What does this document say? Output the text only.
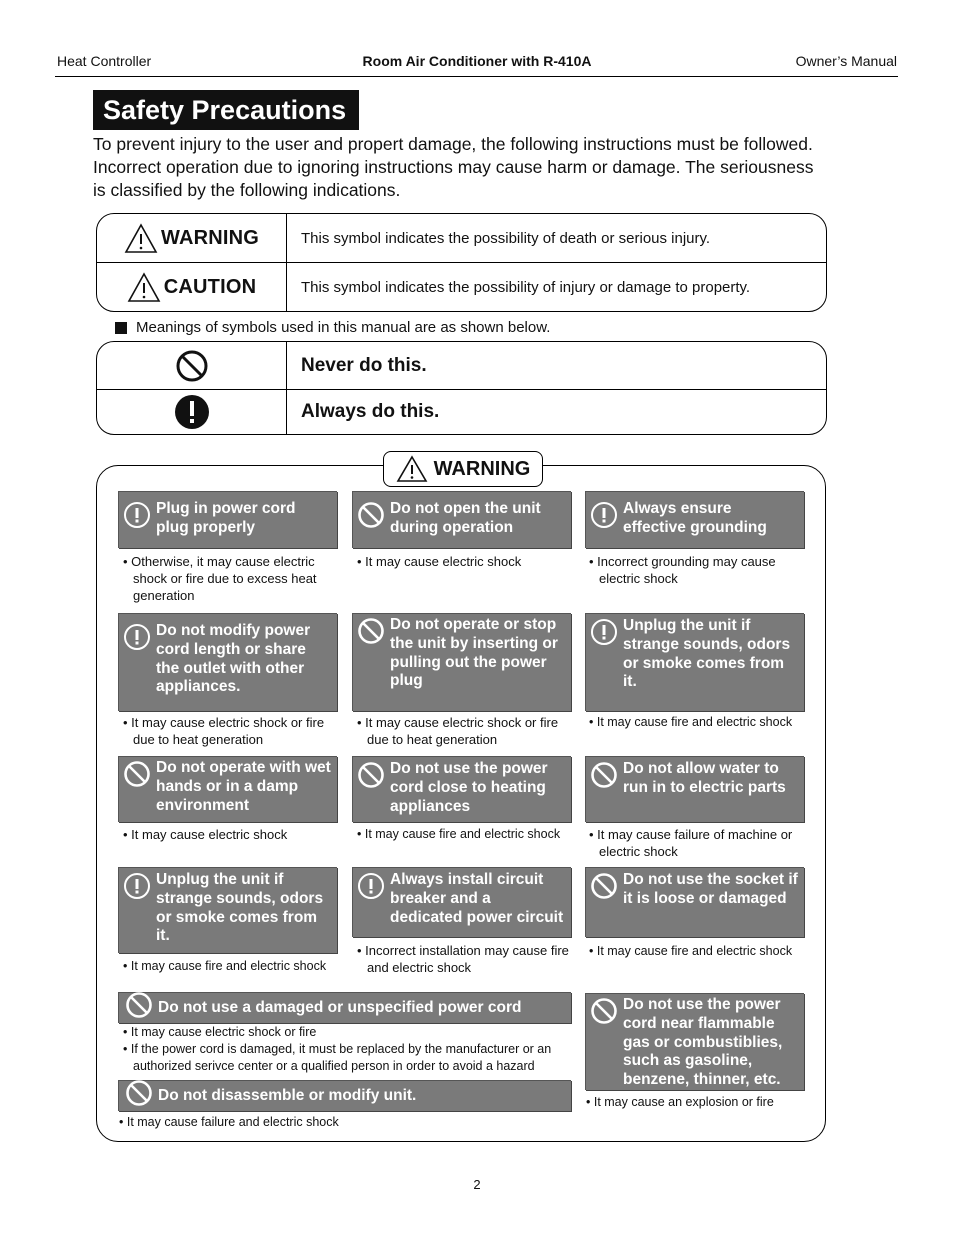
Heat Controller	Room Air Conditioner with R-410A	Owner’s Manual
Safety Precautions
To prevent injury to the user and propert damage, the following instructions must be followed. Incorrect operation due to ignoring instructions may cause harm or damage. The seriousness is classified by the following indications.
WARNING	This symbol indicates the possibility of death or serious injury.
CAUTION	This symbol indicates the possibility of injury or damage to property.
Meanings of symbols used in this manual are as shown below.
Never do this.
Always do this.
WARNING
Plug in power cord plug properly
• Otherwise, it may cause electric shock or fire due to excess heat generation
Do not open the unit during operation
• It may cause electric shock
Always ensure effective grounding
• Incorrect grounding may cause electric shock
Do not modify power cord length or share the outlet with other appliances.
• It may cause electric shock or fire due to heat generation
Do not operate or stop the unit by inserting or pulling out the power plug
• It may cause electric shock or fire due to heat generation
Unplug the unit if strange sounds, odors or smoke comes from it.
• It may cause fire and electric shock
Do not operate with wet hands or in a damp environment
• It may cause electric shock
Do not use the power cord close to heating appliances
• It may cause fire and electric shock
Do not allow water to run in to electric parts
• It may cause failure of machine or electric shock
Unplug the unit if strange sounds, odors or smoke comes from it.
• It may cause fire and electric shock
Always install circuit breaker and a dedicated power circuit
• Incorrect installation may cause fire and electric shock
Do not use the socket if it is loose or damaged
• It may cause fire and electric shock
Do not use a damaged or unspecified power cord
• It may cause electric shock or fire
• If the power cord is damaged, it must be replaced by the manufacturer or an authorized serivce center or a qualified person in order to avoid a hazard
Do not use the power cord near flammable gas or combustiblies, such as gasoline, benzene, thinner, etc.
• It may cause an explosion or fire
Do not disassemble or modify unit.
• It may cause failure and electric shock
2
